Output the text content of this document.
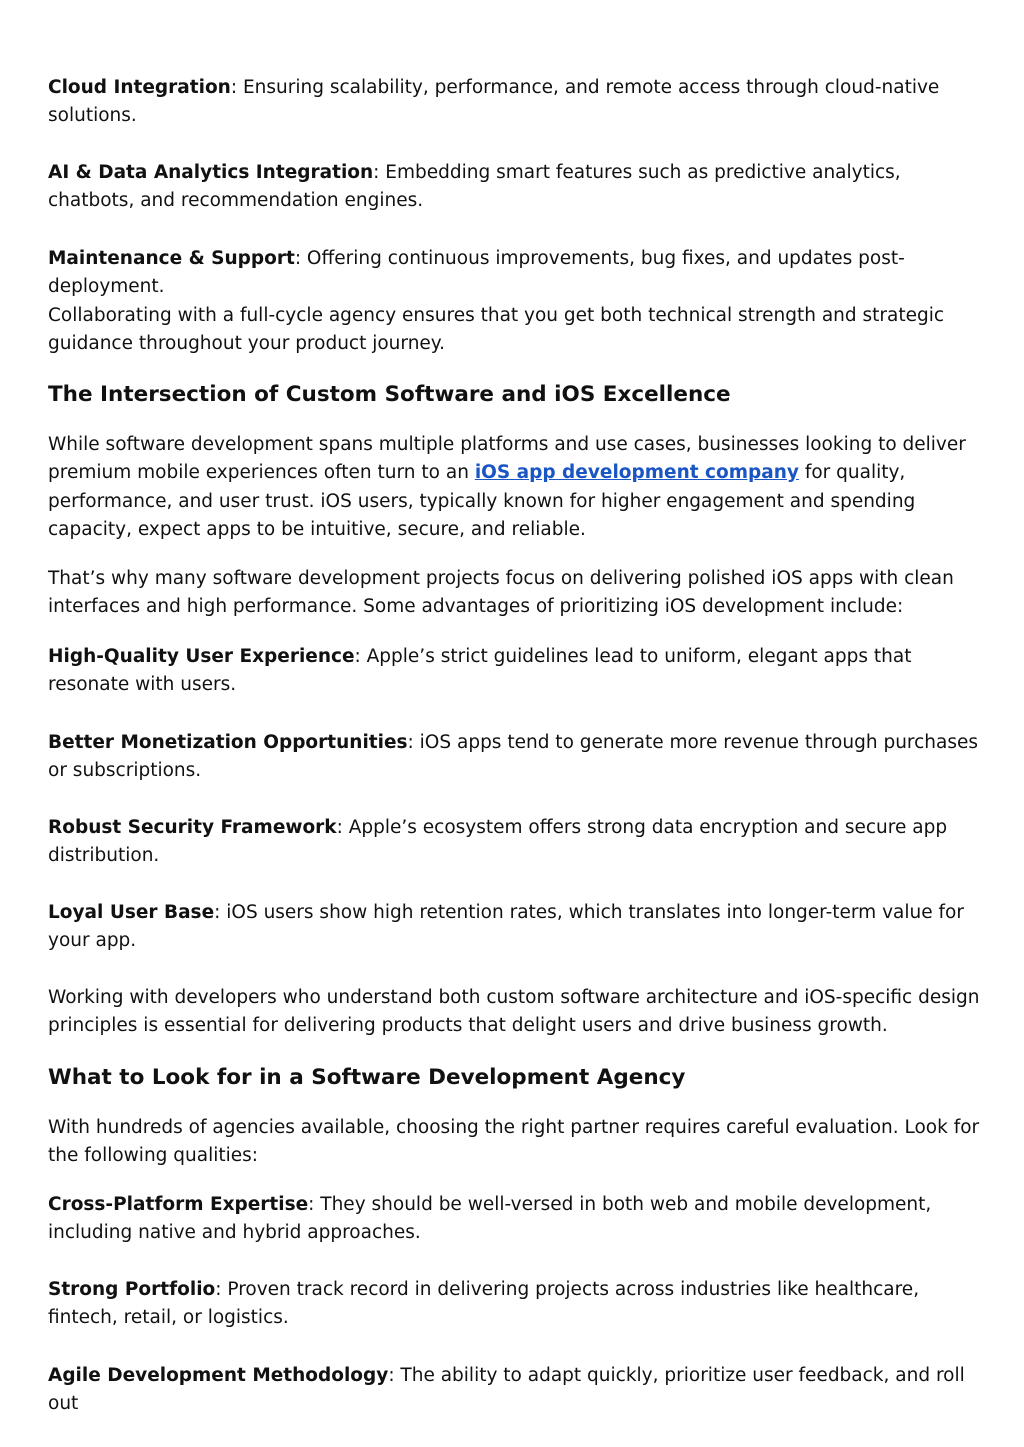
Cloud Integration: Ensuring scalability, performance, and remote access through cloud-native solutions.

AI & Data Analytics Integration: Embedding smart features such as predictive analytics, chatbots, and recommendation engines.

Maintenance & Support: Offering continuous improvements, bug fixes, and updates post-deployment.

Collaborating with a full-cycle agency ensures that you get both technical strength and strategic guidance throughout your product journey.

The Intersection of Custom Software and iOS Excellence

While software development spans multiple platforms and use cases, businesses looking to deliver premium mobile experiences often turn to an iOS app development company for quality, performance, and user trust. iOS users, typically known for higher engagement and spending capacity, expect apps to be intuitive, secure, and reliable.

That’s why many software development projects focus on delivering polished iOS apps with clean interfaces and high performance. Some advantages of prioritizing iOS development include:

High-Quality User Experience: Apple’s strict guidelines lead to uniform, elegant apps that resonate with users.

Better Monetization Opportunities: iOS apps tend to generate more revenue through purchases or subscriptions.

Robust Security Framework: Apple’s ecosystem offers strong data encryption and secure app distribution.

Loyal User Base: iOS users show high retention rates, which translates into longer-term value for your app.

Working with developers who understand both custom software architecture and iOS-specific design principles is essential for delivering products that delight users and drive business growth.

What to Look for in a Software Development Agency

With hundreds of agencies available, choosing the right partner requires careful evaluation. Look for the following qualities:

Cross-Platform Expertise: They should be well-versed in both web and mobile development, including native and hybrid approaches.

Strong Portfolio: Proven track record in delivering projects across industries like healthcare, fintech, retail, or logistics.

Agile Development Methodology: The ability to adapt quickly, prioritize user feedback, and roll out
